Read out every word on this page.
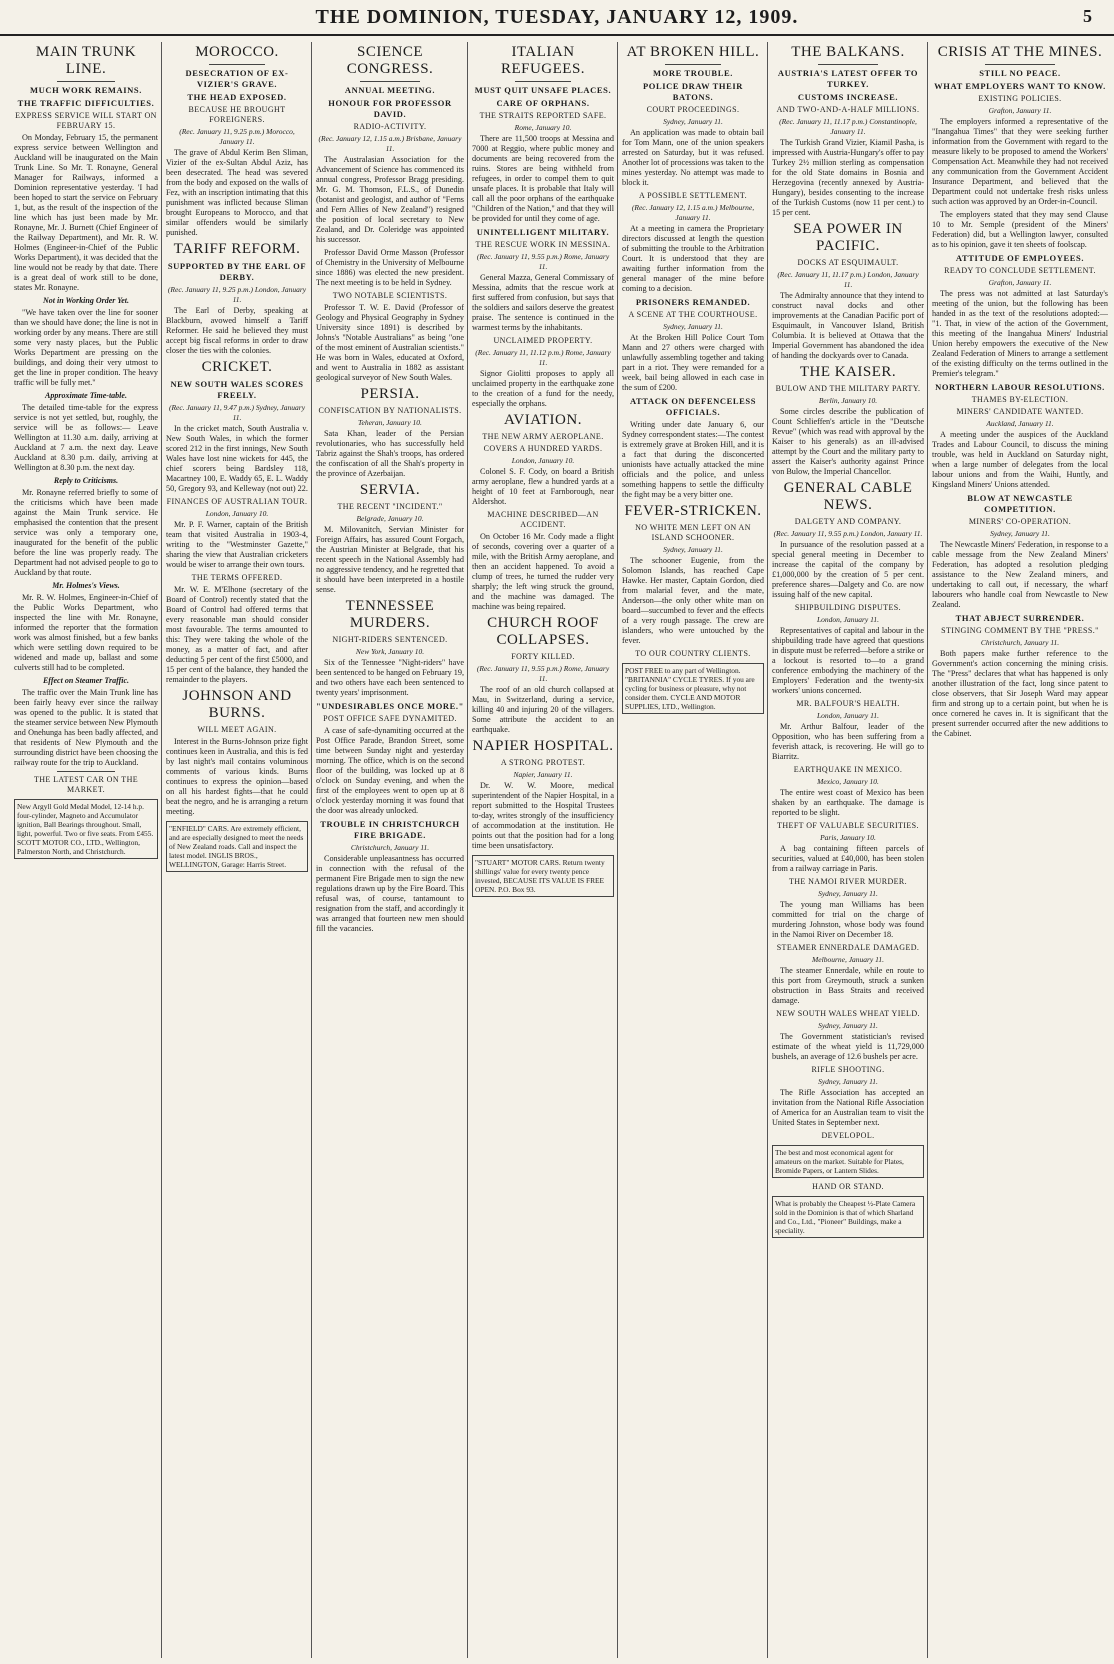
THE DOMINION, TUESDAY, JANUARY 12, 1909.	5
MAIN TRUNK LINE.
MUCH WORK REMAINS.
THE TRAFFIC DIFFICULTIES.
EXPRESS SERVICE WILL START ON FEBRUARY 15.

On Monday, February 15, the permanent express service between Wellington and Auckland will be inaugurated on the Main Trunk Line. So Mr. T. Ronayne, General Manager for Railways, informed a Dominion representative yesterday. 'I had been hoped to start the service on February 1, but, as the result of the inspection of the line which has just been made by Mr. Ronayne, Mr. J. Burnett (Chief Engineer of the Railway Department), and Mr. R. W. Holmes (Engineer-in-Chief of the Public Works Department), it was decided that the line would not be ready by that date. There is a great deal of work still to be done, states Mr. Ronayne.

Not in Working Order Yet.

"We have taken over the line for sooner than we should have done; the line is not in working order by any means. There are still some very nasty places, but the Public Works Department are pressing on the buildings, and doing their very utmost to get the line in proper condition. The heavy traffic will be fully met."

Approximate Time-table.

The detailed time-table for the express service is not yet settled, but, roughly, the service will be as follows:— Leave Wellington at 11.30 a.m. daily, arriving at Auckland at 7 a.m. the next day. Leave Auckland at 8.30 p.m. daily, arriving at Wellington at 8.30 p.m. the next day.

Reply to Criticisms.

Mr. Ronayne referred briefly to some of the criticisms which have been made against the Main Trunk service. He emphasised the contention that the present service was only a temporary one, inaugurated for the benefit of the public before the line was properly ready. The Department had not advised people to go to Auckland by that route.

Mr. Holmes's Views.

Mr. R. W. Holmes, Engineer-in-Chief of the Public Works Department, who inspected the line with Mr. Ronayne, informed the reporter that the formation work was almost finished, but a few banks which were settling down required to be widened and made up, ballast and some culverts still had to be completed.

Effect on Steamer Traffic.

The traffic over the Main Trunk line has been fairly heavy ever since the railway was opened to the public. It is stated that the steamer service between New Plymouth and Onehunga has been badly affected, and that residents of New Plymouth and the surrounding district have been choosing the railway route for the trip to Auckland.

THE LATEST CAR ON THE MARKET.
New Argyll Gold Medal Model, 12-14 h.p. four-cylinder, Magneto and Accumulator ignition, Ball Bearings throughout. Small, light, powerful. Two or five seats. From £455. SCOTT MOTOR CO., LTD., Wellington, Palmerston North, and Christchurch.
MOROCCO.
DESECRATION OF EX-VIZIER'S GRAVE.
THE HEAD EXPOSED.
BECAUSE HE BROUGHT FOREIGNERS.
(Rec. January 11, 9.25 p.m.) Morocco, January 11.

The grave of Abdul Kerim Ben Sliman, Vizier of the ex-Sultan Abdul Aziz, has been desecrated. The head was severed from the body and exposed on the walls of Fez, with an inscription intimating that this punishment was inflicted because Sliman brought Europeans to Morocco, and that similar offenders would be similarly punished.

TARIFF REFORM.
SUPPORTED BY THE EARL OF DERBY.
(Rec. January 11, 9.25 p.m.) London, January 11.

The Earl of Derby, speaking at Blackburn, avowed himself a Tariff Reformer. He said he believed they must accept big fiscal reforms in order to draw closer the ties with the colonies.

CRICKET.
NEW SOUTH WALES SCORES FREELY.
(Rec. January 11, 9.47 p.m.) Sydney, January 11.

In the cricket match, South Australia v. New South Wales, in which the former scored 212 in the first innings, New South Wales have lost nine wickets for 445, the chief scorers being Bardsley 118, Macartney 100, E. Waddy 65, E. L. Waddy 50, Gregory 93, and Kelleway (not out) 22.

FINANCES OF AUSTRALIAN TOUR.
London, January 10.

Mr. P. F. Warner, captain of the British team that visited Australia in 1903-4, writing to the "Westminster Gazette," sharing the view that Australian cricketers would be wiser to arrange their own tours.

THE TERMS OFFERED.

Mr. W. E. M'Elhone (secretary of the Board of Control) recently stated that the Board of Control had offered terms that every reasonable man should consider most favourable. The terms amounted to this: They were taking the whole of the money, as a matter of fact, and after deducting 5 per cent of the first £5000, and 15 per cent of the balance, they handed the remainder to the players.

JOHNSON AND BURNS.
WILL MEET AGAIN.

Interest in the Burns-Johnson prize fight continues keen in Australia, and this is fed by last night's mail contains voluminous comments of various kinds. Burns continues to express the opinion—based on all his hardest fights—that he could beat the negro, and he is arranging a return meeting.

"ENFIELD" CARS. Are extremely efficient, and are especially designed to meet the needs of New Zealand roads. Call and inspect the latest model. INGLIS BROS., WELLINGTON, Garage: Harris Street.
SCIENCE CONGRESS.
ANNUAL MEETING.
HONOUR FOR PROFESSOR DAVID.
RADIO-ACTIVITY.
(Rec. January 12, 1.15 a.m.) Brisbane, January 11.

The Australasian Association for the Advancement of Science has commenced its annual congress, Professor Bragg presiding. Mr. G. M. Thomson, F.L.S., of Dunedin (botanist and geologist, and author of "Ferns and Fern Allies of New Zealand") resigned the position of local secretary to New Zealand, and Dr. Coleridge was appointed his successor.

Professor David Orme Masson (Professor of Chemistry in the University of Melbourne since 1886) was elected the new president. The next meeting is to be held in Sydney.

TWO NOTABLE SCIENTISTS.

Professor T. W. E. David (Professor of Geology and Physical Geography in Sydney University since 1891) is described by Johns's "Notable Australians" as being "one of the most eminent of Australian scientists." He was born in Wales, educated at Oxford, and went to Australia in 1882 as assistant geological surveyor of New South Wales.

PERSIA.
CONFISCATION BY NATIONALISTS.
Teheran, January 10.

Sata Khan, leader of the Persian revolutionaries, who has successfully held Tabriz against the Shah's troops, has ordered the confiscation of all the Shah's property in the province of Azerbaijan.

SERVIA.
THE RECENT "INCIDENT."
Belgrade, January 10.

M. Milovanitch, Servian Minister for Foreign Affairs, has assured Count Forgach, the Austrian Minister at Belgrade, that his recent speech in the National Assembly had no aggressive tendency, and he regretted that it should have been interpreted in a hostile sense.

TENNESSEE MURDERS.
NIGHT-RIDERS SENTENCED.
New York, January 10.

Six of the Tennessee "Night-riders" have been sentenced to be hanged on February 19, and two others have each been sentenced to twenty years' imprisonment.

"UNDESIRABLES ONCE MORE."
POST OFFICE SAFE DYNAMITED.

A case of safe-dynamiting occurred at the Post Office Parade, Brandon Street, some time between Sunday night and yesterday morning. The office, which is on the second floor of the building, was locked up at 8 o'clock on Sunday evening, and when the first of the employees went to open up at 8 o'clock yesterday morning it was found that the door was already unlocked.

TROUBLE IN CHRISTCHURCH FIRE BRIGADE.
Christchurch, January 11.

Considerable unpleasantness has occurred in connection with the refusal of the permanent Fire Brigade men to sign the new regulations drawn up by the Fire Board. This refusal was, of course, tantamount to resignation from the staff, and accordingly it was arranged that fourteen new men should fill the vacancies.

ITALIAN REFUGEES.
MUST QUIT UNSAFE PLACES.
CARE OF ORPHANS.
THE STRAITS REPORTED SAFE.
Rome, January 10.

There are 11,500 troops at Messina and 7000 at Reggio, where public money and documents are being recovered from the ruins. Stores are being withheld from refugees, in order to compel them to quit unsafe places. It is probable that Italy will call all the poor orphans of the earthquake "Children of the Nation," and that they will be provided for until they come of age.

UNINTELLIGENT MILITARY.
THE RESCUE WORK IN MESSINA.
(Rec. January 11, 9.55 p.m.) Rome, January 11.

General Mazza, General Commissary of Messina, admits that the rescue work at first suffered from confusion, but says that the soldiers and sailors deserve the greatest praise. The sentence is continued in the warmest terms by the inhabitants.

UNCLAIMED PROPERTY.
(Rec. January 11, 11.12 p.m.) Rome, January 11.

Signor Giolitti proposes to apply all unclaimed property in the earthquake zone to the creation of a fund for the needy, especially the orphans.

AVIATION.
THE NEW ARMY AEROPLANE.
COVERS A HUNDRED YARDS.
London, January 10.

Colonel S. F. Cody, on board a British army aeroplane, flew a hundred yards at a height of 10 feet at Farnborough, near Aldershot.

MACHINE DESCRIBED—AN ACCIDENT.

On October 16 Mr. Cody made a flight of seconds, covering over a quarter of a mile, with the British Army aeroplane, and then an accident happened. To avoid a clump of trees, he turned the rudder very sharply; the left wing struck the ground, and the machine was damaged. The machine was being repaired.

CHURCH ROOF COLLAPSES.
FORTY KILLED.
(Rec. January 11, 9.55 p.m.) Rome, January 11.

The roof of an old church collapsed at Mau, in Switzerland, during a service, killing 40 and injuring 20 of the villagers. Some attribute the accident to an earthquake.

NAPIER HOSPITAL.
A STRONG PROTEST.
Napier, January 11.

Dr. W. W. Moore, medical superintendent of the Napier Hospital, in a report submitted to the Hospital Trustees to-day, writes strongly of the insufficiency of accommodation at the institution. He points out that the position had for a long time been unsatisfactory.

"STUART" MOTOR CARS. Return twenty shillings' value for every twenty pence invested, BECAUSE ITS VALUE IS FREE OPEN. P.O. Box 93.
AT BROKEN HILL.
MORE TROUBLE.
POLICE DRAW THEIR BATONS.
COURT PROCEEDINGS.
Sydney, January 11.

An application was made to obtain bail for Tom Mann, one of the union speakers arrested on Saturday, but it was refused. Another lot of processions was taken to the mines yesterday. No attempt was made to block it.

A POSSIBLE SETTLEMENT.
(Rec. January 12, 1.15 a.m.) Melbourne, January 11.

At a meeting in camera the Proprietary directors discussed at length the question of submitting the trouble to the Arbitration Court. It is understood that they are awaiting further information from the general manager of the mine before coming to a decision.

PRISONERS REMANDED.
A SCENE AT THE COURTHOUSE.
Sydney, January 11.

At the Broken Hill Police Court Tom Mann and 27 others were charged with unlawfully assembling together and taking part in a riot. They were remanded for a week, bail being allowed in each case in the sum of £200.

ATTACK ON DEFENCELESS OFFICIALS.

Writing under date January 6, our Sydney correspondent states:—The contest is extremely grave at Broken Hill, and it is a fact that during the disconcerted unionists have actually attacked the mine officials and the police, and unless something happens to settle the difficulty the fight may be a very bitter one.

FEVER-STRICKEN.
NO WHITE MEN LEFT ON AN ISLAND SCHOONER.
Sydney, January 11.

The schooner Eugenie, from the Solomon Islands, has reached Cape Hawke. Her master, Captain Gordon, died from malarial fever, and the mate, Anderson—the only other white man on board—succumbed to fever and the effects of a very rough passage. The crew are islanders, who were untouched by the fever.

TO OUR COUNTRY CLIENTS.
POST FREE to any part of Wellington. "BRITANNIA" CYCLE TYRES. If you are cycling for business or pleasure, why not consider them. CYCLE AND MOTOR SUPPLIES, LTD., Wellington.
THE BALKANS.
AUSTRIA'S LATEST OFFER TO TURKEY.
CUSTOMS INCREASE.
AND TWO-AND-A-HALF MILLIONS.
(Rec. January 11, 11.17 p.m.) Constantinople, January 11.

The Turkish Grand Vizier, Kiamil Pasha, is impressed with Austria-Hungary's offer to pay Turkey 2½ million sterling as compensation for the old State domains in Bosnia and Herzegovina (recently annexed by Austria-Hungary), besides consenting to the increase of the Turkish Customs (now 11 per cent.) to 15 per cent.

SEA POWER IN PACIFIC.
DOCKS AT ESQUIMAULT.
(Rec. January 11, 11.17 p.m.) London, January 11.

The Admiralty announce that they intend to construct naval docks and other improvements at the Canadian Pacific port of Esquimault, in Vancouver Island, British Columbia. It is believed at Ottawa that the Imperial Government has abandoned the idea of handing the dockyards over to Canada.

THE KAISER.
BULOW AND THE MILITARY PARTY.
Berlin, January 10.

Some circles describe the publication of Count Schlieffen's article in the "Deutsche Revue" (which was read with approval by the Kaiser to his generals) as an ill-advised attempt by the Court and the military party to assert the Kaiser's authority against Prince von Bulow, the Imperial Chancellor.

GENERAL CABLE NEWS.
DALGETY AND COMPANY.
(Rec. January 11, 9.55 p.m.) London, January 11.

In pursuance of the resolution passed at a special general meeting in December to increase the capital of the company by £1,000,000 by the creation of 5 per cent. preference shares—Dalgety and Co. are now issuing half of the new capital.

SHIPBUILDING DISPUTES.
London, January 11.

Representatives of capital and labour in the shipbuilding trade have agreed that questions in dispute must be referred—before a strike or a lockout is resorted to—to a grand conference embodying the machinery of the Employers' Federation and the twenty-six workers' unions concerned.

MR. BALFOUR'S HEALTH.
London, January 11.

Mr. Arthur Balfour, leader of the Opposition, who has been suffering from a feverish attack, is recovering. He will go to Biarritz.

EARTHQUAKE IN MEXICO.
Mexico, January 10.

The entire west coast of Mexico has been shaken by an earthquake. The damage is reported to be slight.

THEFT OF VALUABLE SECURITIES.
Paris, January 10.

A bag containing fifteen parcels of securities, valued at £40,000, has been stolen from a railway carriage in Paris.

THE NAMOI RIVER MURDER.
Sydney, January 11.

The young man Williams has been committed for trial on the charge of murdering Johnston, whose body was found in the Namoi River on December 18.

STEAMER ENNERDALE DAMAGED.
Melbourne, January 11.

The steamer Ennerdale, while en route to this port from Greymouth, struck a sunken obstruction in Bass Straits and received damage.

NEW SOUTH WALES WHEAT YIELD.
Sydney, January 11.

The Government statistician's revised estimate of the wheat yield is 11,729,000 bushels, an average of 12.6 bushels per acre.

RIFLE SHOOTING.
Sydney, January 11.

The Rifle Association has accepted an invitation from the National Rifle Association of America for an Australian team to visit the United States in September next.

DEVELOPOL.
The best and most economical agent for amateurs on the market. Suitable for Plates, Bromide Papers, or Lantern Slides.
HAND OR STAND.
What is probably the Cheapest ½-Plate Camera sold in the Dominion is that of which Sharland and Co., Ltd., "Pioneer" Buildings, make a speciality.
CRISIS AT THE MINES.
STILL NO PEACE.
WHAT EMPLOYERS WANT TO KNOW.
EXISTING POLICIES.
Grafton, January 11.

The employers informed a representative of the "Inangahua Times" that they were seeking further information from the Government with regard to the measure likely to be proposed to amend the Workers' Compensation Act. Meanwhile they had not received any communication from the Government Accident Insurance Department, and believed that the Department could not undertake fresh risks unless such action was approved by an Order-in-Council.

The employers stated that they may send Clause 10 to Mr. Semple (president of the Miners' Federation) did, but a Wellington lawyer, consulted as to his opinion, gave it ten sheets of foolscap.

ATTITUDE OF EMPLOYEES.
READY TO CONCLUDE SETTLEMENT.
Grafton, January 11.

The press was not admitted at last Saturday's meeting of the union, but the following has been handed in as the text of the resolutions adopted:— "1. That, in view of the action of the Government, this meeting of the Inangahua Miners' Industrial Union hereby empowers the executive of the New Zealand Federation of Miners to arrange a settlement of the existing difficulty on the terms outlined in the Premier's telegram."

NORTHERN LABOUR RESOLUTIONS.
THAMES BY-ELECTION.
MINERS' CANDIDATE WANTED.
Auckland, January 11.

A meeting under the auspices of the Auckland Trades and Labour Council, to discuss the mining trouble, was held in Auckland on Saturday night, when a large number of delegates from the local labour unions and from the Waihi, Huntly, and Kingsland Miners' Unions attended.

BLOW AT NEWCASTLE COMPETITION.
MINERS' CO-OPERATION.
Sydney, January 11.

The Newcastle Miners' Federation, in response to a cable message from the New Zealand Miners' Federation, has adopted a resolution pledging assistance to the New Zealand miners, and undertaking to call out, if necessary, the wharf labourers who handle coal from Newcastle to New Zealand.

THAT ABJECT SURRENDER.
STINGING COMMENT BY THE "PRESS."
Christchurch, January 11.

Both papers make further reference to the Government's action concerning the mining crisis. The "Press" declares that what has happened is only another illustration of the fact, long since patent to close observers, that Sir Joseph Ward may appear firm and strong up to a certain point, but when he is once cornered he caves in. It is significant that the present surrender occurred after the new additions to the Cabinet.
